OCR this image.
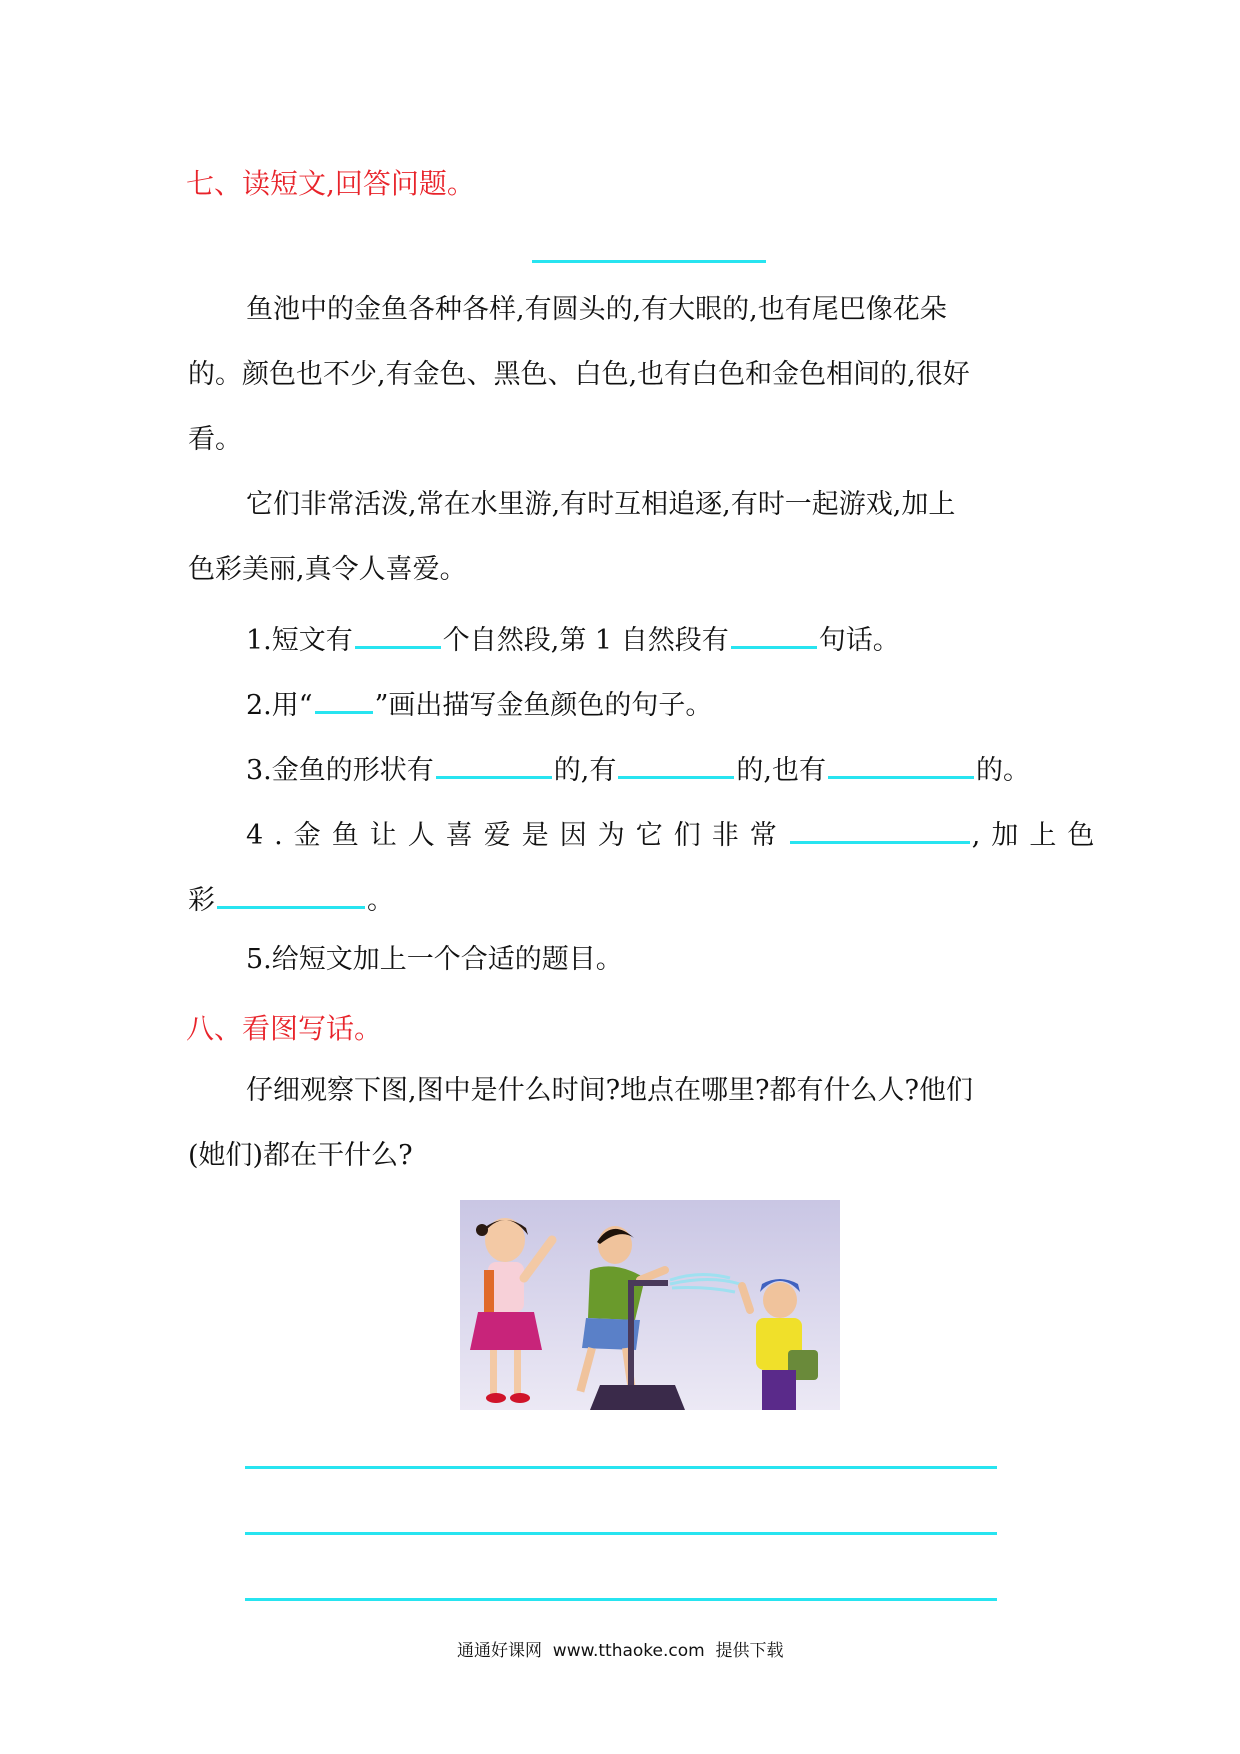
七、读短文,回答问题。
鱼池中的金鱼各种各样,有圆头的,有大眼的,也有尾巴像花朵
的。颜色也不少,有金色、黑色、白色,也有白色和金色相间的,很好
看。
它们非常活泼,常在水里游,有时互相追逐,有时一起游戏,加上
色彩美丽,真令人喜爱。
1.短文有	个自然段,第 1 自然段有	句话。
2.用“ ”画出描写金鱼颜色的句子。
3.金鱼的形状有	的,有	的,也有	的。
4.金鱼让人喜爱是因为它们非常	,加上色
彩	。
5.给短文加上一个合适的题目。
八、看图写话。
仔细观察下图,图中是什么时间?地点在哪里?都有什么人?他们
(她们)都在干什么?
通通好课网  www.tthaoke.com  提供下载
